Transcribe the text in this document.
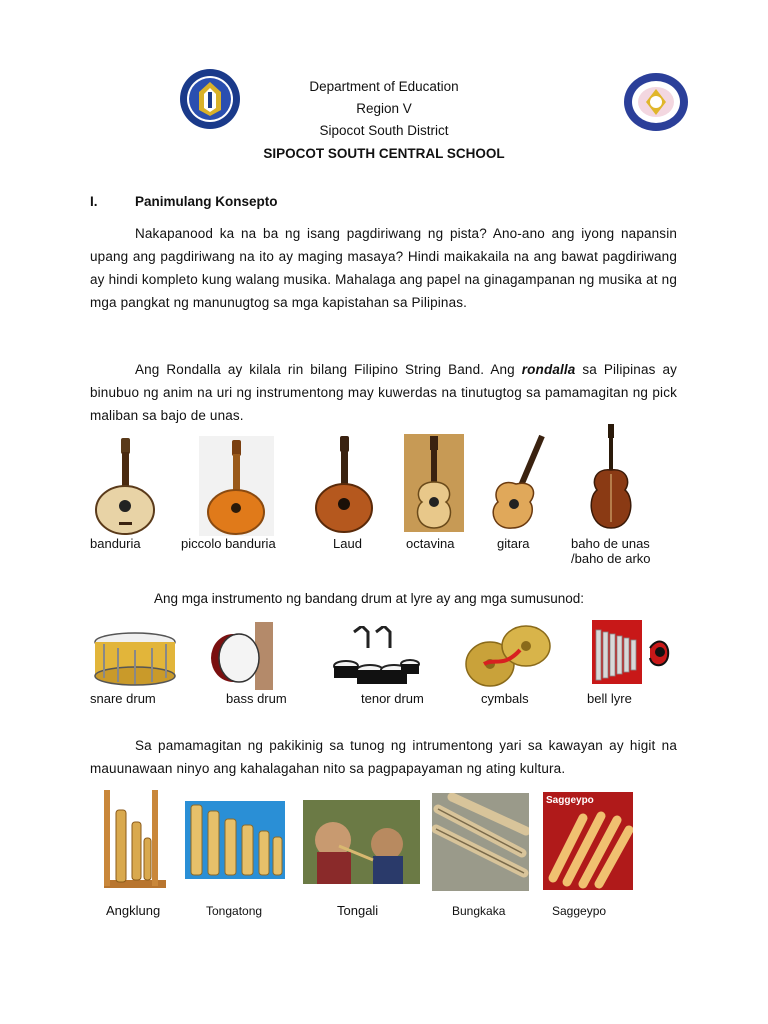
Department of Education
Region V
Sipocot South District
SIPOCOT SOUTH CENTRAL SCHOOL
I.	Panimulang Konsepto
Nakapanood ka na ba ng isang pagdiriwang ng pista? Ano-ano ang iyong napansin upang ang pagdiriwang na ito ay maging masaya? Hindi maikakaila na ang bawat pagdiriwang ay hindi kompleto kung walang musika. Mahalaga ang papel na ginagampanan ng musika at ng mga pangkat ng manunugtog sa mga kapistahan sa Pilipinas.
Ang Rondalla ay kilala rin bilang Filipino String Band. Ang rondalla sa Pilipinas ay binubuo ng anim na uri ng instrumentong may kuwerdas na tinutugtog sa pamamagitan ng pick maliban sa bajo de unas.
banduria	piccolo banduria	Laud	octavina	gitara	baho de unas
/baho de arko
Ang mga instrumento ng bandang drum at lyre ay ang mga sumusunod:
snare drum	bass drum	tenor drum	cymbals	bell lyre
Sa pamamagitan ng pakikinig sa tunog ng intrumentong yari sa kawayan ay higit na mauunawaan ninyo ang kahalagahan nito sa pagpapayaman ng ating kultura.
Saggeypo
Angklung	Tongatong	Tongali	Bungkaka	Saggeypo
